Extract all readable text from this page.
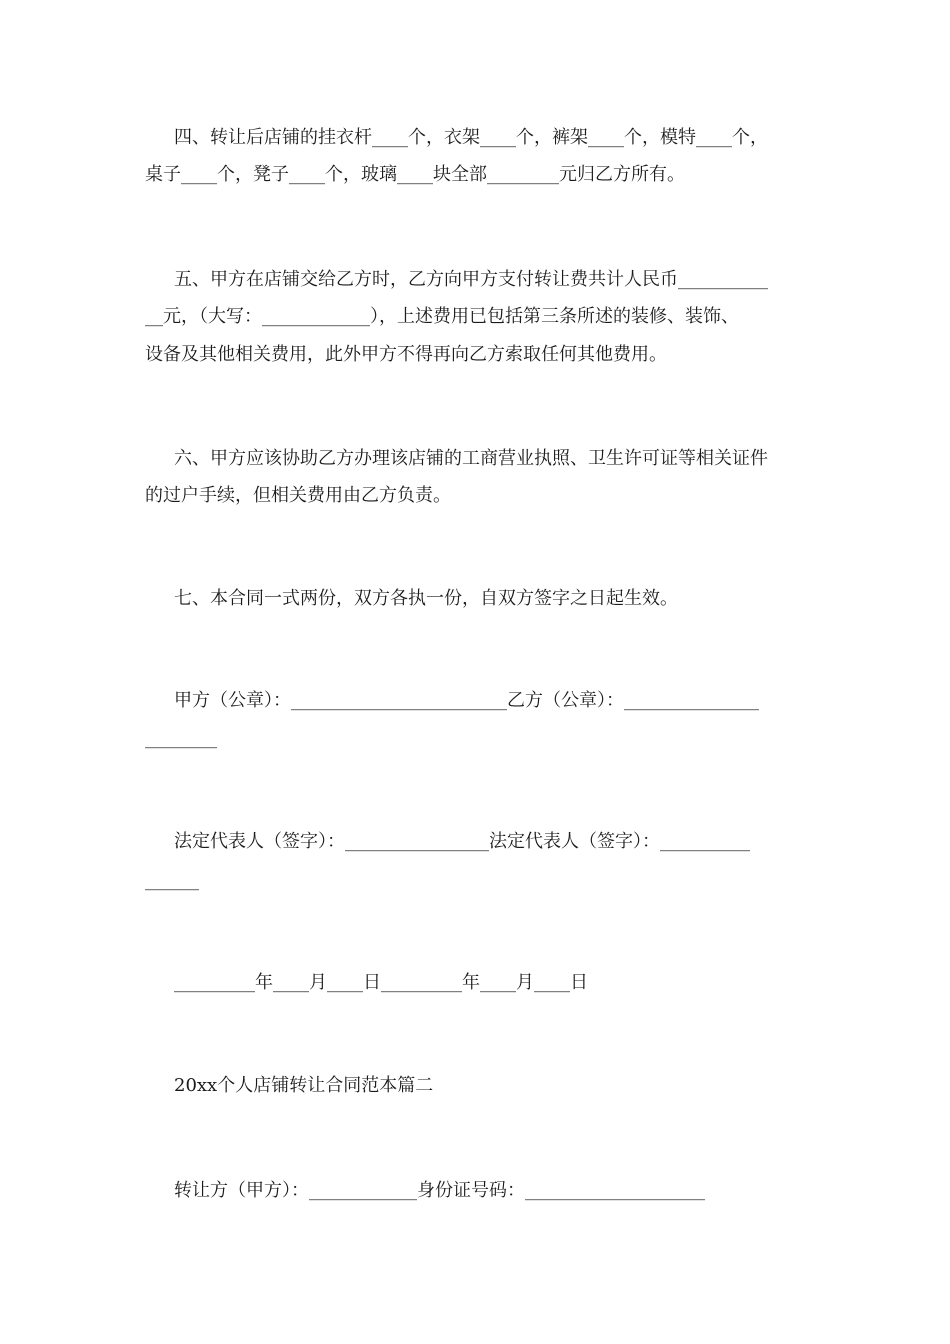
四、转让后店铺的挂衣杆____个，衣架____个，裤架____个，模特____个，
桌子____个，凳子____个，玻璃____块全部________元归乙方所有。
五、甲方在店铺交给乙方时，乙方向甲方支付转让费共计人民币__________
__元，（大写：____________），上述费用已包括第三条所述的装修、装饰、
设备及其他相关费用，此外甲方不得再向乙方索取任何其他费用。
六、甲方应该协助乙方办理该店铺的工商营业执照、卫生许可证等相关证件
的过户手续，但相关费用由乙方负责。
七、本合同一式两份，双方各执一份，自双方签字之日起生效。
甲方（公章）：________________________乙方（公章）：_______________
________
法定代表人（签字）：________________法定代表人（签字）：__________
______
_________年____月____日_________年____月____日
20xx个人店铺转让合同范本篇二
转让方（甲方）：____________身份证号码：____________________
